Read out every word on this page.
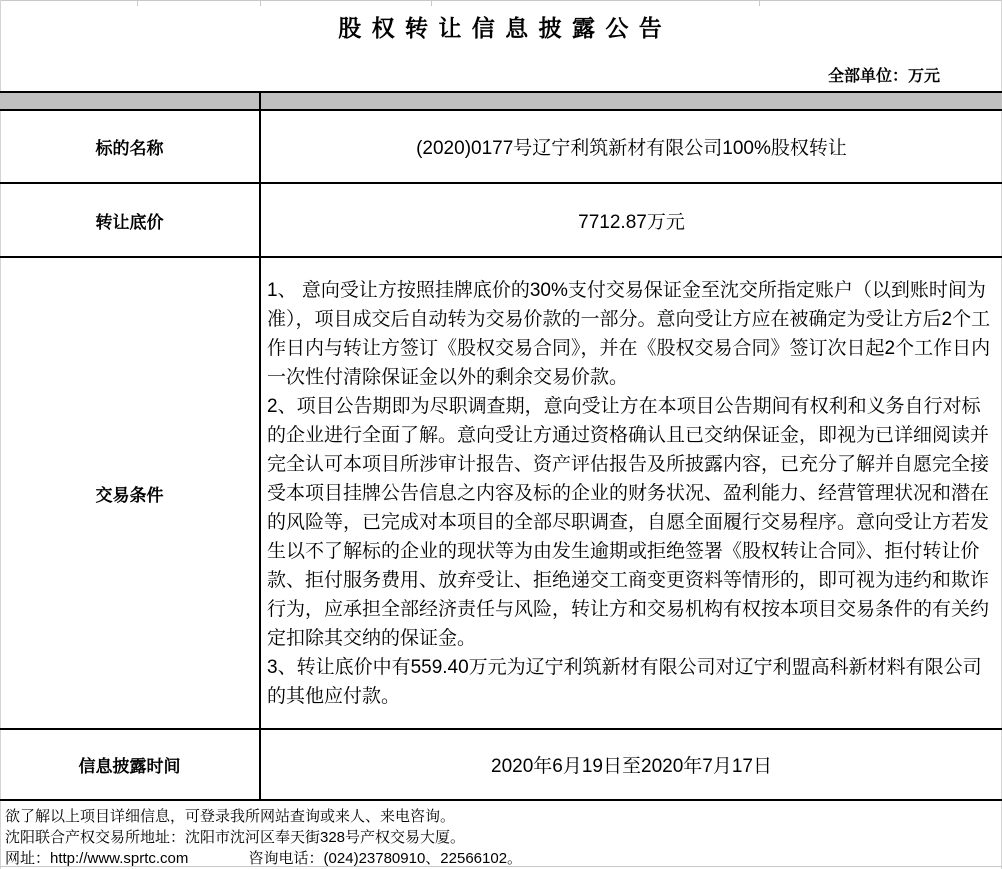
股 权 转 让 信 息 披 露 公 告
全部单位：万元

标的名称	(2020)0177号辽宁利筑新材有限公司100%股权转让
转让底价	7712.87万元
交易条件	1、 意向受让方按照挂牌底价的30%支付交易保证金至沈交所指定账户（以到账时间为准），项目成交后自动转为交易价款的一部分。意向受让方应在被确定为受让方后2个工作日内与转让方签订《股权交易合同》，并在《股权交易合同》签订次日起2个工作日内一次性付清除保证金以外的剩余交易价款。

2、项目公告期即为尽职调查期，意向受让方在本项目公告期间有权利和义务自行对标的企业进行全面了解。意向受让方通过资格确认且已交纳保证金，即视为已详细阅读并完全认可本项目所涉审计报告、资产评估报告及所披露内容，已充分了解并自愿完全接受本项目挂牌公告信息之内容及标的企业的财务状况、盈利能力、经营管理状况和潜在的风险等，已完成对本项目的全部尽职调查，自愿全面履行交易程序。意向受让方若发生以不了解标的企业的现状等为由发生逾期或拒绝签署《股权转让合同》、拒付转让价款、拒付服务费用、放弃受让、拒绝递交工商变更资料等情形的，即可视为违约和欺诈行为，应承担全部经济责任与风险，转让方和交易机构有权按本项目交易条件的有关约定扣除其交纳的保证金。

3、转让底价中有559.40万元为辽宁利筑新材有限公司对辽宁利盟高科新材料有限公司的其他应付款。

信息披露时间	2020年6月19日至2020年7月17日
欲了解以上项目详细信息，可登录我所网站查询或来人、来电咨询。
沈阳联合产权交易所地址：沈阳市沈河区奉天街328号产权交易大厦。
网址：http://www.sprtc.com	咨询电话：(024)23780910、22566102。
